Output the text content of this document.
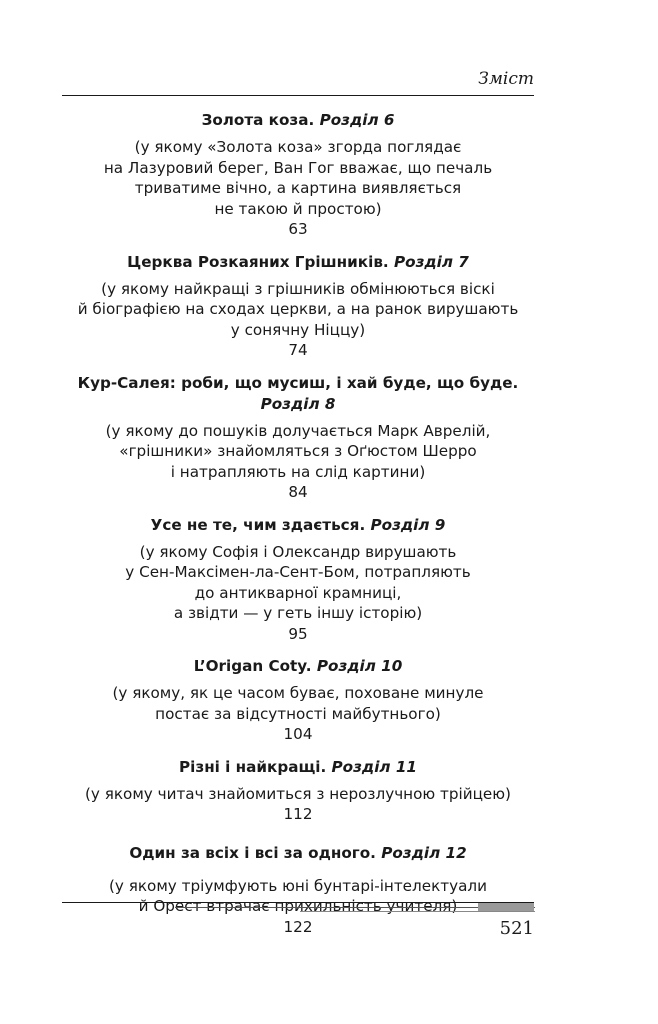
Зміст
Золота коза. Розділ 6
(у якому «Золота коза» згорда поглядає
на Лазуровий берег, Ван Гог вважає, що печаль
триватиме вічно, а картина виявляється
не такою й простою)
63
Церква Розкаяних Грішників. Розділ 7
(у якому найкращі з грішників обмінюються віскі
й біографією на сходах церкви, а на ранок вирушають
у сонячну Ніццу)
74
Кур-Салея: роби, що мусиш, і хай буде, що буде.
Розділ 8
(у якому до пошуків долучається Марк Аврелій,
«грішники» знайомляться з Оґюстом Шерро
і натрапляють на слід картини)
84
Усе не те, чим здається. Розділ 9
(у якому Софія і Олександр вирушають
у Сен-Максімен-ла-Сент-Бом, потрапляють
до антикварної крамниці,
а звідти — у геть іншу історію)
95
L’Origan Coty. Розділ 10
(у якому, як це часом буває, поховане минуле
постає за відсутності майбутнього)
104
Різні і найкращі. Розділ 11
(у якому читач знайомиться з нерозлучною трійцею)
112
Один за всіх і всі за одного. Розділ 12
(у якому тріумфують юні бунтарі-інтелектуали
й Орест втрачає прихильність учителя)
122	521
